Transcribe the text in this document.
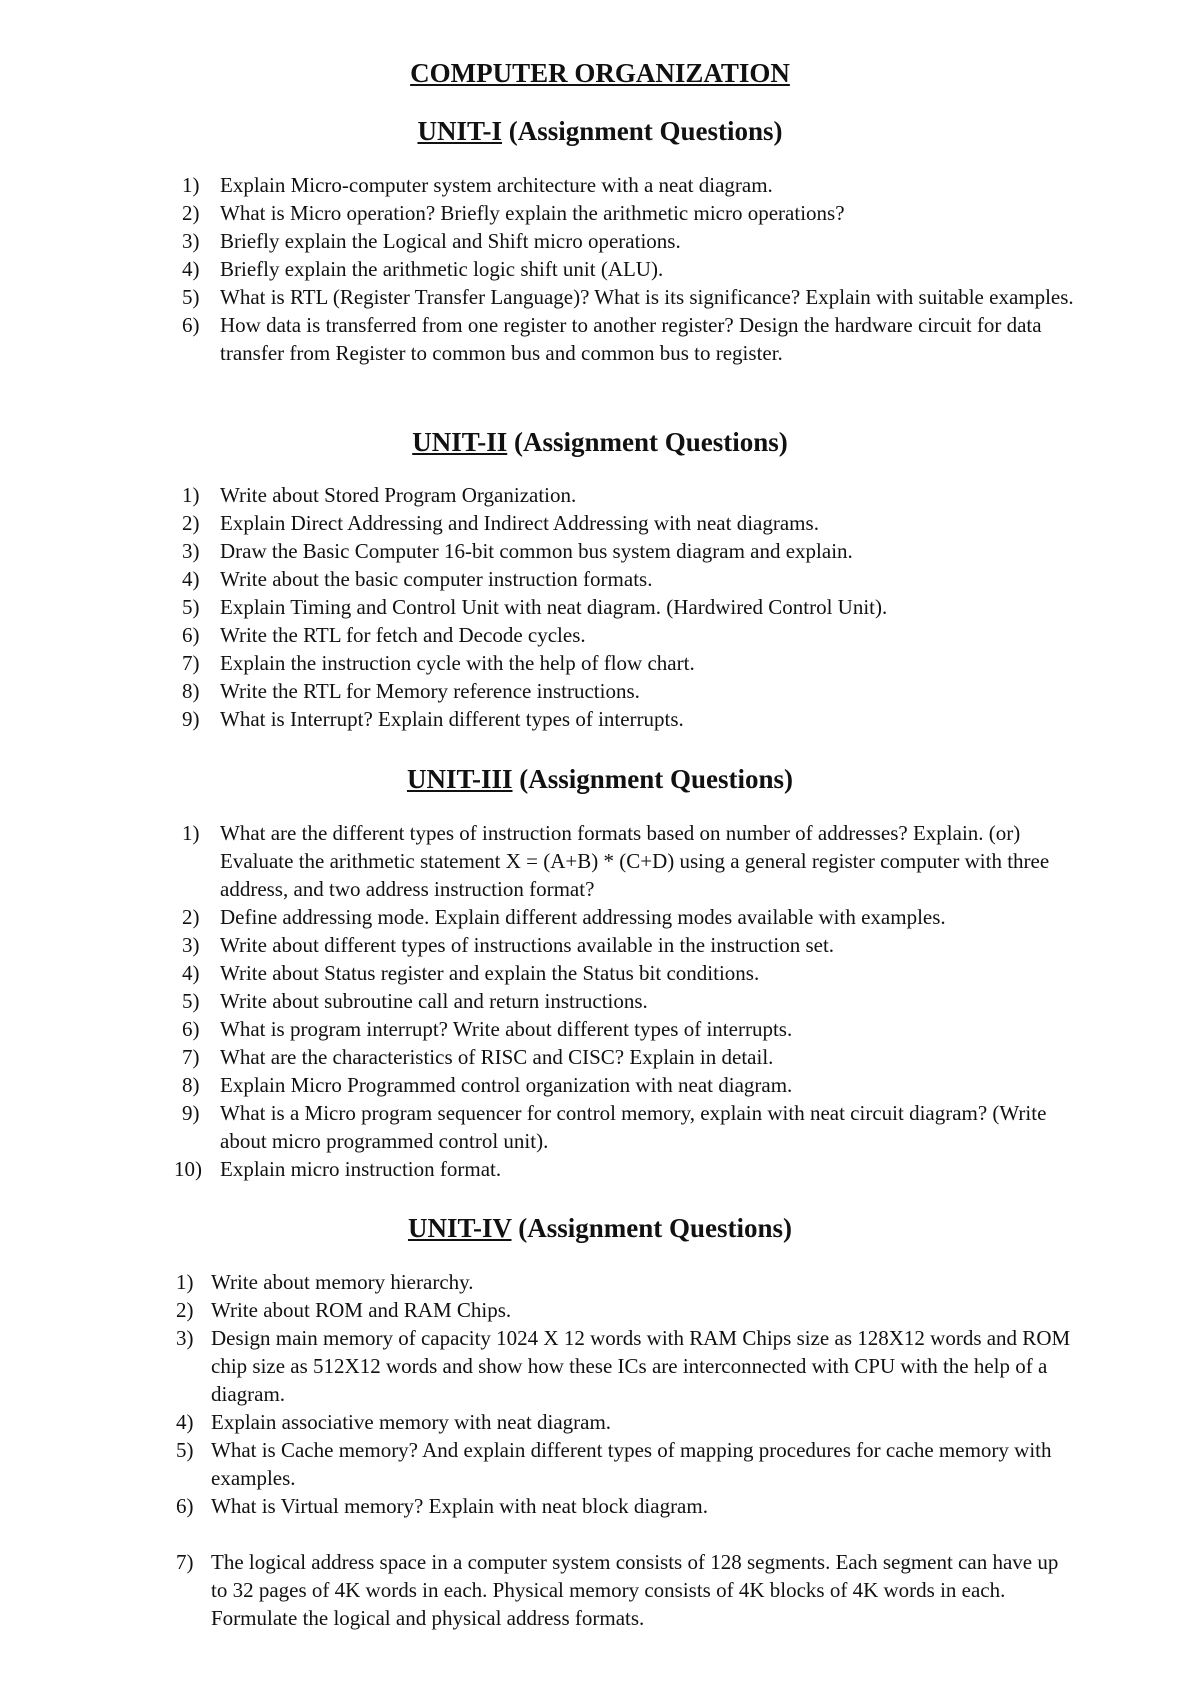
COMPUTER ORGANIZATION
UNIT-I (Assignment Questions)
1) Explain Micro-computer system architecture with a neat diagram.
2) What is Micro operation? Briefly explain the arithmetic micro operations?
3) Briefly explain the Logical and Shift micro operations.
4) Briefly explain the arithmetic logic shift unit (ALU).
5) What is RTL (Register Transfer Language)? What is its significance? Explain with suitable examples.
6) How data is transferred from one register to another register? Design the hardware circuit for data transfer from Register to common bus and common bus to register.
UNIT-II (Assignment Questions)
1) Write about Stored Program Organization.
2) Explain Direct Addressing and Indirect Addressing with neat diagrams.
3) Draw the Basic Computer 16-bit common bus system diagram and explain.
4) Write about the basic computer instruction formats.
5) Explain Timing and Control Unit with neat diagram. (Hardwired Control Unit).
6) Write the RTL for fetch and Decode cycles.
7) Explain the instruction cycle with the help of flow chart.
8) Write the RTL for Memory reference instructions.
9) What is Interrupt? Explain different types of interrupts.
UNIT-III (Assignment Questions)
1) What are the different types of instruction formats based on number of addresses? Explain. (or) Evaluate the arithmetic statement X = (A+B) * (C+D) using a general register computer with three address, and two address instruction format?
2) Define addressing mode. Explain different addressing modes available with examples.
3) Write about different types of instructions available in the instruction set.
4) Write about Status register and explain the Status bit conditions.
5) Write about subroutine call and return instructions.
6) What is program interrupt? Write about different types of interrupts.
7) What are the characteristics of RISC and CISC? Explain in detail.
8) Explain Micro Programmed control organization with neat diagram.
9) What is a Micro program sequencer for control memory, explain with neat circuit diagram? (Write about micro programmed control unit).
10) Explain micro instruction format.
UNIT-IV (Assignment Questions)
1) Write about memory hierarchy.
2) Write about ROM and RAM Chips.
3) Design main memory of capacity 1024 X 12 words with RAM Chips size as 128X12 words and ROM chip size as 512X12 words and show how these ICs are interconnected with CPU with the help of a diagram.
4) Explain associative memory with neat diagram.
5) What is Cache memory? And explain different types of mapping procedures for cache memory with examples.
6) What is Virtual memory? Explain with neat block diagram.
7) The logical address space in a computer system consists of 128 segments. Each segment can have up to 32 pages of 4K words in each. Physical memory consists of 4K blocks of 4K words in each. Formulate the logical and physical address formats.
